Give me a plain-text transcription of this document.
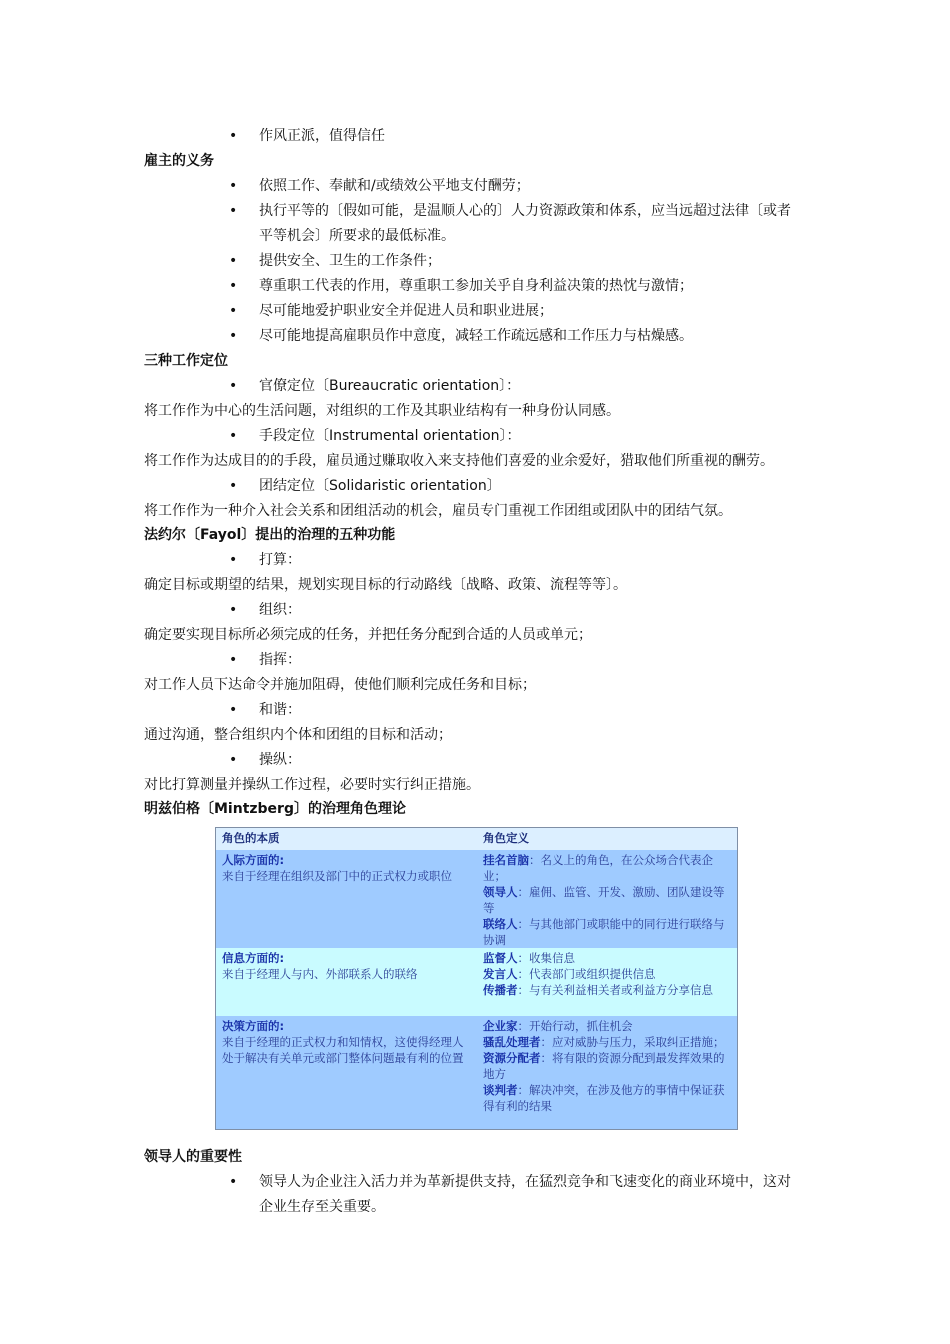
• 作风正派，值得信任
雇主的义务
• 依照工作、奉献和/或绩效公平地支付酬劳；
• 执行平等的〔假如可能，是温顺人心的〕人力资源政策和体系，应当远超过法律〔或者
平等机会〕所要求的最低标准。
• 提供安全、卫生的工作条件；
• 尊重职工代表的作用，尊重职工参加关乎自身利益决策的热忱与激情；
• 尽可能地爱护职业安全并促进人员和职业进展；
• 尽可能地提高雇职员作中意度，减轻工作疏远感和工作压力与枯燥感。
三种工作定位
• 官僚定位〔Bureaucratic orientation〕：
将工作作为中心的生活问题，对组织的工作及其职业结构有一种身份认同感。
• 手段定位〔Instrumental orientation〕：
将工作作为达成目的的手段，雇员通过赚取收入来支持他们喜爱的业余爱好，猎取他们所重视的酬劳。
• 团结定位〔Solidaristic orientation〕
将工作作为一种介入社会关系和团组活动的机会，雇员专门重视工作团组或团队中的团结气氛。
法约尔〔Fayol〕提出的治理的五种功能
• 打算：
确定目标或期望的结果，规划实现目标的行动路线〔战略、政策、流程等等〕。
• 组织：
确定要实现目标所必须完成的任务，并把任务分配到合适的人员或单元；
• 指挥：
对工作人员下达命令并施加阻碍，使他们顺利完成任务和目标；
• 和谐：
通过沟通，整合组织内个体和团组的目标和活动；
• 操纵：
对比打算测量并操纵工作过程，必要时实行纠正措施。
明兹伯格〔Mintzberg〕的治理角色理论
角色的本质	角色定义
人际方面的:
来自于经理在组织及部门中的正式权力或职位
挂名首脑：名义上的角色，在公众场合代表企业；
领导人：雇佣、监管、开发、激励、团队建设等等
联络人：与其他部门或职能中的同行进行联络与协调
信息方面的:
来自于经理人与内、外部联系人的联络
监督人：收集信息
发言人：代表部门或组织提供信息
传播者：与有关利益相关者或利益方分享信息
决策方面的:
来自于经理的正式权力和知情权，这使得经理人处于解决有关单元或部门整体问题最有利的位置
企业家：开始行动，抓住机会
骚乱处理者：应对威胁与压力，采取纠正措施；
资源分配者：将有限的资源分配到最发挥效果的地方
谈判者：解决冲突，在涉及他方的事情中保证获得有利的结果
领导人的重要性
• 领导人为企业注入活力并为革新提供支持，在猛烈竞争和飞速变化的商业环境中，这对
企业生存至关重要。
